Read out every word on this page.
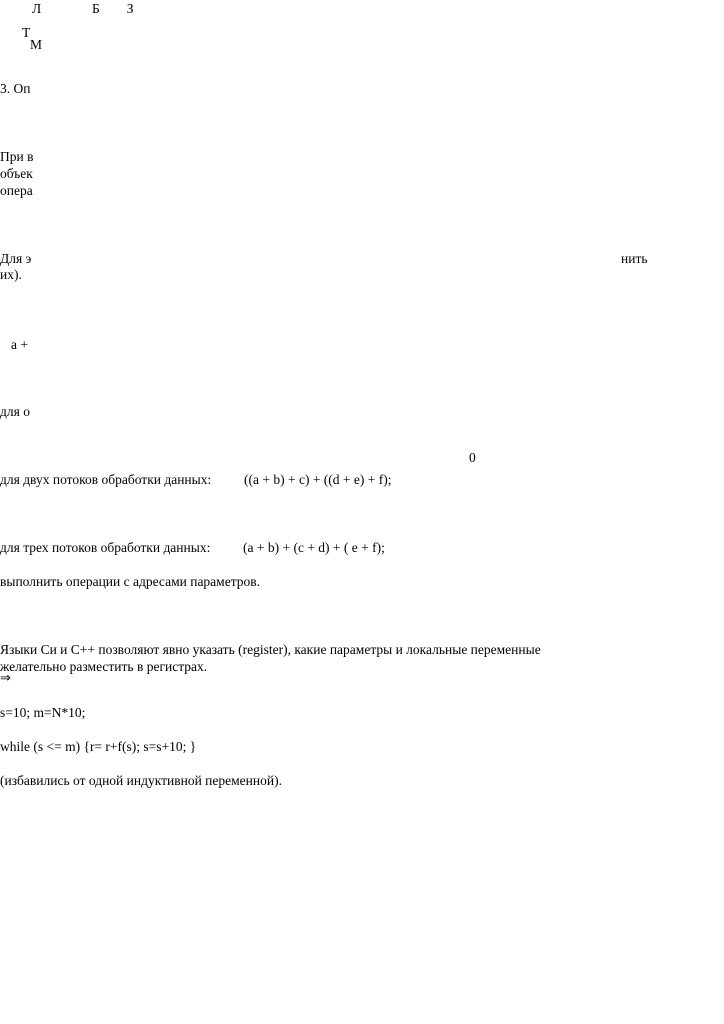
Л	Б        З
Т
М
3. Оп
При в
объек
опера
Для э	нить
их).
a +
для о
0
для двух потоков обработки данных: ((a + b) + c) + ((d + e) + f);
для трех потоков обработки данных: (a + b) + (c + d) + ( e + f);
выполнить операции с адресами параметров.
Языки Си и С++ позволяют явно указать (register), какие параметры и локальные переменные
желательно разместить в регистрах.
⇒
s=10; m=N*10;
while (s <= m) {r= r+f(s); s=s+10; }
(избавились от одной индуктивной переменной).
